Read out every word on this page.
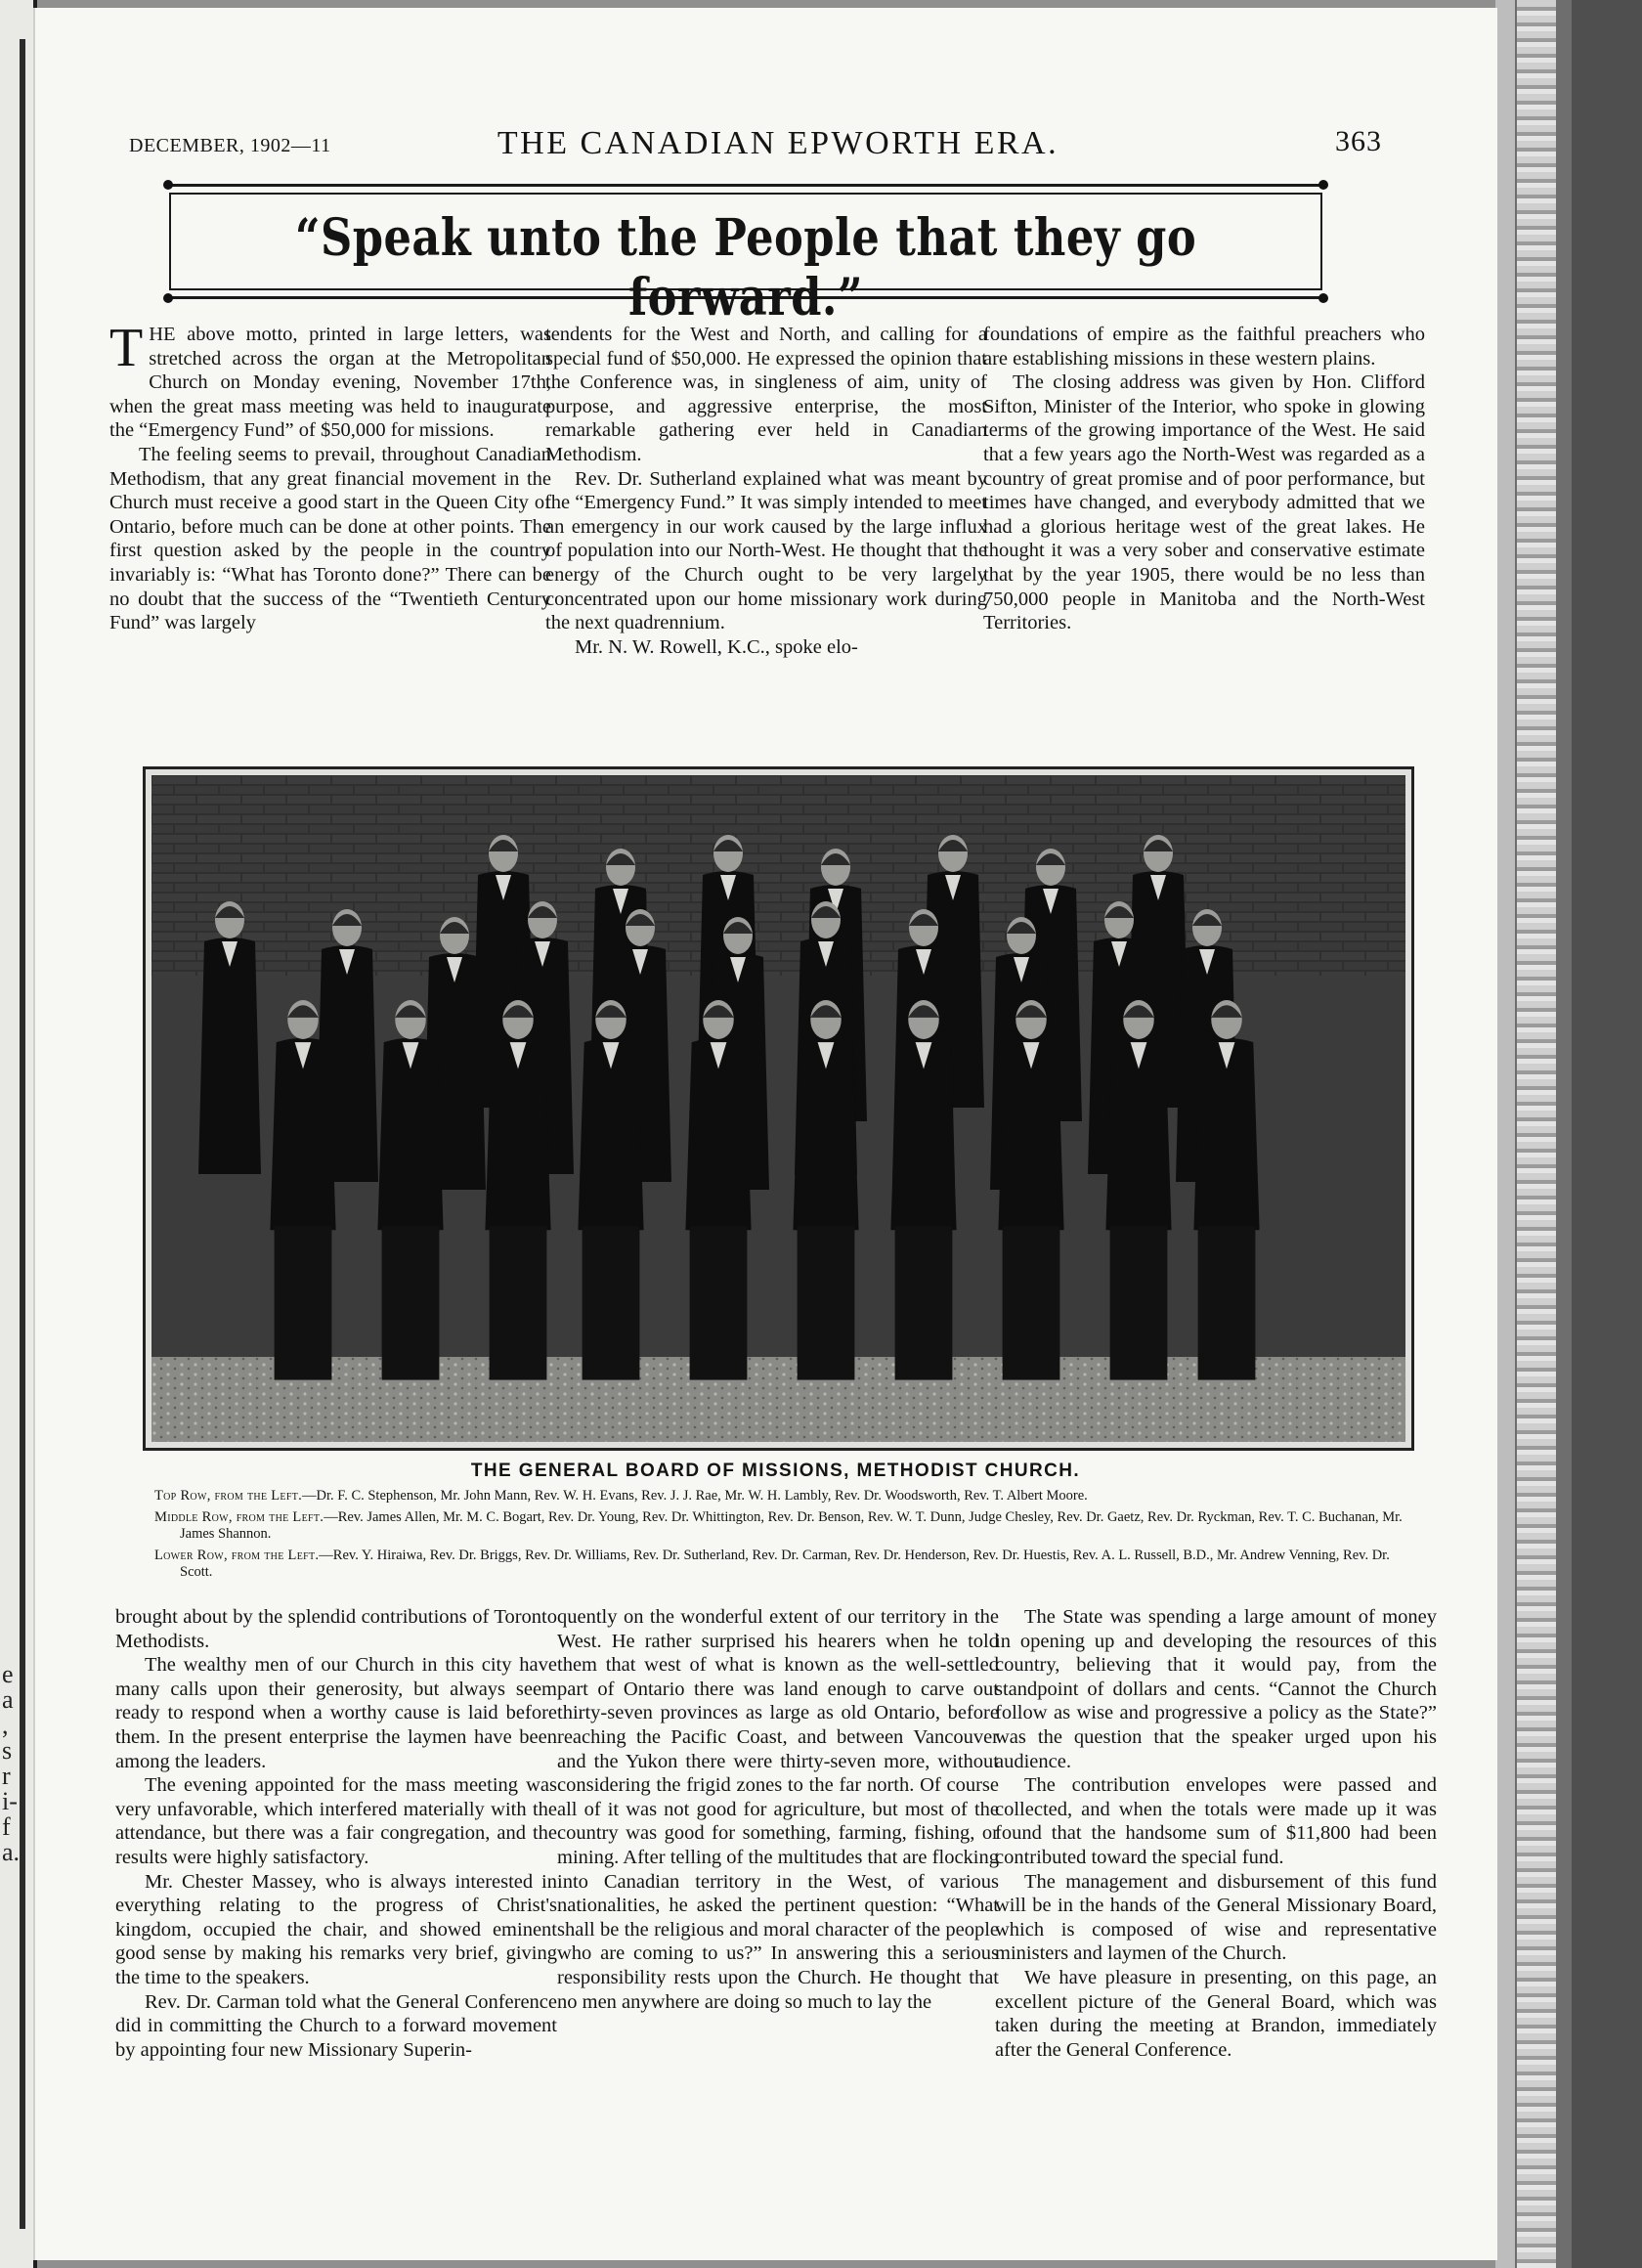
e
a
,
s
r
i-
f
a.
DECEMBER, 1902—11	THE CANADIAN EPWORTH ERA.	363
“Speak unto the People that they go forward.”

THE above motto, printed in large letters, was stretched across the organ at the Metropolitan Church on Monday evening, November 17th, when the great mass meeting was held to inaugurate the “Emergency Fund” of $50,000 for missions.

The feeling seems to prevail, throughout Canadian Methodism, that any great financial movement in the Church must receive a good start in the Queen City of Ontario, before much can be done at other points. The first question asked by the people in the country invariably is: “What has Toronto done?” There can be no doubt that the success of the “Twentieth Century Fund” was largely

tendents for the West and North, and calling for a special fund of $50,000. He expressed the opinion that the Conference was, in singleness of aim, unity of purpose, and aggressive enterprise, the most remarkable gathering ever held in Canadian Methodism.

Rev. Dr. Sutherland explained what was meant by the “Emergency Fund.” It was simply intended to meet an emergency in our work caused by the large influx of population into our North-West. He thought that the energy of the Church ought to be very largely concentrated upon our home missionary work during the next quadrennium.

Mr. N. W. Rowell, K.C., spoke elo-

foundations of empire as the faithful preachers who are establishing missions in these western plains.

The closing address was given by Hon. Clifford Sifton, Minister of the Interior, who spoke in glowing terms of the growing importance of the West. He said that a few years ago the North-West was regarded as a country of great promise and of poor performance, but times have changed, and everybody admitted that we had a glorious heritage west of the great lakes. He thought it was a very sober and conservative estimate that by the year 1905, there would be no less than 750,000 people in Manitoba and the North-West Territories.

THE GENERAL BOARD OF MISSIONS, METHODIST CHURCH.

Top Row, from the Left.—Dr. F. C. Stephenson, Mr. John Mann, Rev. W. H. Evans, Rev. J. J. Rae, Mr. W. H. Lambly, Rev. Dr. Woodsworth, Rev. T. Albert Moore.

Middle Row, from the Left.—Rev. James Allen, Mr. M. C. Bogart, Rev. Dr. Young, Rev. Dr. Whittington, Rev. Dr. Benson, Rev. W. T. Dunn, Judge Chesley, Rev. Dr. Gaetz, Rev. Dr. Ryckman, Rev. T. C. Buchanan, Mr. James Shannon.

Lower Row, from the Left.—Rev. Y. Hiraiwa, Rev. Dr. Briggs, Rev. Dr. Williams, Rev. Dr. Sutherland, Rev. Dr. Carman, Rev. Dr. Henderson, Rev. Dr. Huestis, Rev. A. L. Russell, B.D., Mr. Andrew Venning, Rev. Dr. Scott.

brought about by the splendid contributions of Toronto Methodists.

The wealthy men of our Church in this city have many calls upon their generosity, but always seem ready to respond when a worthy cause is laid before them. In the present enterprise the laymen have been among the leaders.

The evening appointed for the mass meeting was very unfavorable, which interfered materially with the attendance, but there was a fair congregation, and the results were highly satisfactory.

Mr. Chester Massey, who is always interested in everything relating to the progress of Christ's kingdom, occupied the chair, and showed eminent good sense by making his remarks very brief, giving the time to the speakers.

Rev. Dr. Carman told what the General Conference did in committing the Church to a forward movement by appointing four new Missionary Superin-

quently on the wonderful extent of our territory in the West. He rather surprised his hearers when he told them that west of what is known as the well-settled part of Ontario there was land enough to carve out thirty-seven provinces as large as old Ontario, before reaching the Pacific Coast, and between Vancouver and the Yukon there were thirty-seven more, without considering the frigid zones to the far north. Of course all of it was not good for agriculture, but most of the country was good for something, farming, fishing, or mining. After telling of the multitudes that are flocking into Canadian territory in the West, of various nationalities, he asked the pertinent question: “What shall be the religious and moral character of the people who are coming to us?” In answering this a serious responsibility rests upon the Church. He thought that no men anywhere are doing so much to lay the

The State was spending a large amount of money in opening up and developing the resources of this country, believing that it would pay, from the standpoint of dollars and cents. “Cannot the Church follow as wise and progressive a policy as the State?” was the question that the speaker urged upon his audience.

The contribution envelopes were passed and collected, and when the totals were made up it was found that the handsome sum of $11,800 had been contributed toward the special fund.

The management and disbursement of this fund will be in the hands of the General Missionary Board, which is composed of wise and representative ministers and laymen of the Church.

We have pleasure in presenting, on this page, an excellent picture of the General Board, which was taken during the meeting at Brandon, immediately after the General Conference.
